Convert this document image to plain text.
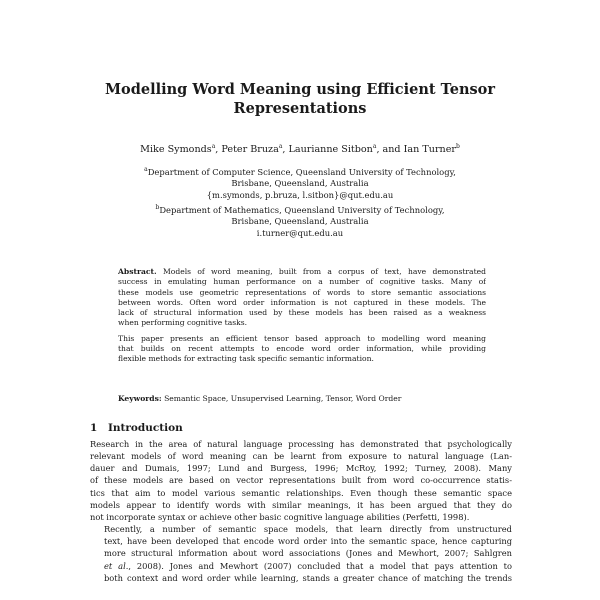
Modelling Word Meaning using Efficient Tensor
Representations
Mike Symonds$^a$, Peter Bruza$^a$, Laurianne Sitbon$^a$, and Ian Turner$^b$
$^a$Department of Computer Science, Queensland University of Technology,
Brisbane, Queensland, Australia
{m.symonds, p.bruza, l.sitbon}@qut.edu.au
$^b$Department of Mathematics, Queensland University of Technology,
Brisbane, Queensland, Australia
i.turner@qut.edu.au

Abstract. Models of word meaning, built from a corpus of text, have demonstrated
success in emulating human performance on a number of cognitive tasks. Many of
these models use geometric representations of words to store semantic associations
between words. Often word order information is not captured in these models. The
lack of structural information used by these models has been raised as a weakness
when performing cognitive tasks.

This paper presents an efficient tensor based approach to modelling word meaning
that builds on recent attempts to encode word order information, while providing
flexible methods for extracting task specific semantic information.

Keywords: Semantic Space, Unsupervised Learning, Tensor, Word Order
1 Introduction

Research in the area of natural language processing has demonstrated that psychologically
relevant models of word meaning can be learnt from exposure to natural language (Lan-
dauer and Dumais, 1997; Lund and Burgess, 1996; McRoy, 1992; Turney, 2008). Many
of these models are based on vector representations built from word co-occurrence statis-
tics that aim to model various semantic relationships. Even though these semantic space
models appear to identify words with similar meanings, it has been argued that they do
not incorporate syntax or achieve other basic cognitive language abilities (Perfetti, 1998).

Recently, a number of semantic space models, that learn directly from unstructured
text, have been developed that encode word order into the semantic space, hence capturing
more structural information about word associations (Jones and Mewhort, 2007; Sahlgren
et al., 2008). Jones and Mewhort (2007) concluded that a model that pays attention to
both context and word order while learning, stands a greater chance of matching the trends
